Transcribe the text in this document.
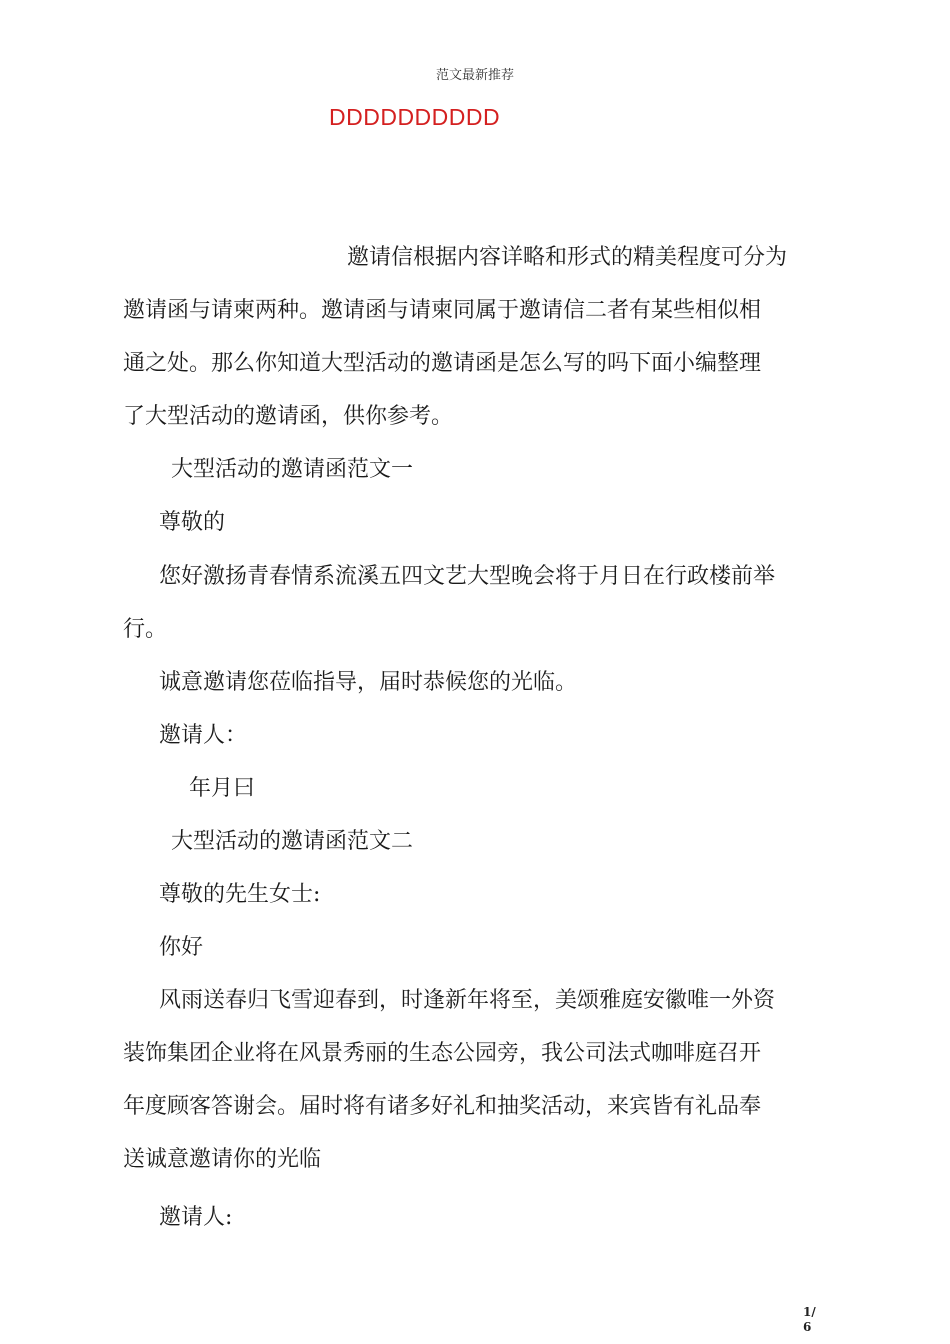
范文最新推荐
DDDDDDDDDD
邀请信根据内容详略和形式的精美程度可分为
邀请函与请柬两种。邀请函与请柬同属于邀请信二者有某些相似相
通之处。那么你知道大型活动的邀请函是怎么写的吗下面小编整理
了大型活动的邀请函，供你参考。
大型活动的邀请函范文一
尊敬的
您好激扬青春情系流溪五四文艺大型晚会将于月日在行政楼前举
行。
诚意邀请您莅临指导，届时恭候您的光临。
邀请人：
年月曰
大型活动的邀请函范文二
尊敬的先生女士:
你好
风雨送春归飞雪迎春到，时逢新年将至，美颂雅庭安徽唯一外资
装饰集团企业将在风景秀丽的生态公园旁，我公司法式咖啡庭召开
年度顾客答谢会。届时将有诸多好礼和抽奖活动，来宾皆有礼品奉
送诚意邀请你的光临
邀请人:
1/
6
